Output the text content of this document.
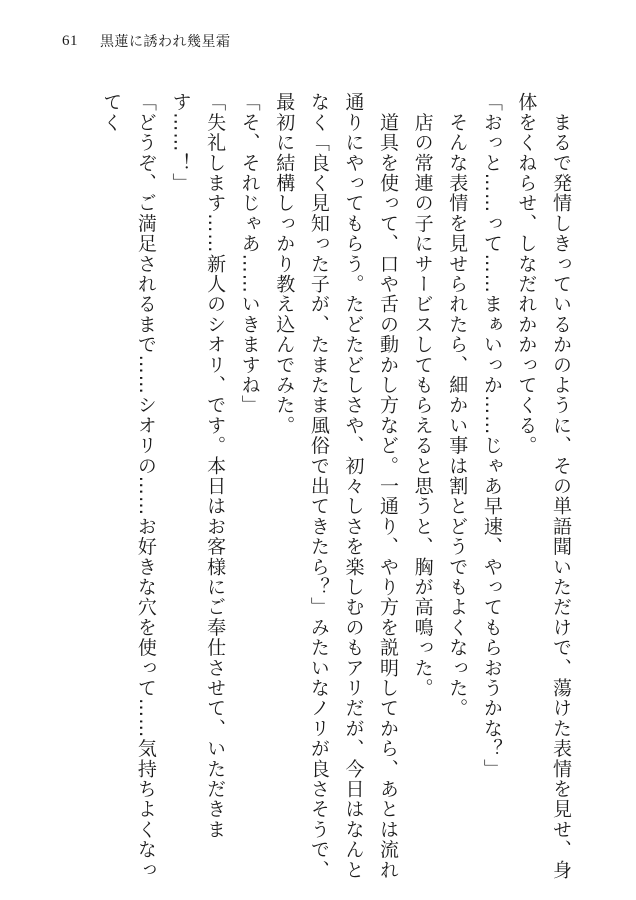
61 黒蓮に誘われ幾星霜

　まるで発情しきっているかのように、その単語聞いただけで、蕩けた表情を見せ、身体をくねらせ、しなだれかかってくる。

「おっと……って……まぁいっか……じゃあ早速、やってもらおうかな？」

　そんな表情を見せられたら、細かい事は割とどうでもよくなった。

　店の常連の子にサービスしてもらえると思うと、胸が高鳴った。

　道具を使って、口や舌の動かし方など。一通り、やり方を説明してから、あとは流れ通りにやってもらう。たどたどしさや、初々しさを楽しむのもアリだが、今日はなんとなく「良く見知った子が、たまたま風俗で出てきたら？」みたいなノリが良さそうで、最初に結構しっかり教え込んでみた。

「そ、それじゃあ……いきますね」

「失礼します……新人のシオリ、です。本日はお客様にご奉仕させて、いただきます……！」

「どうぞ、ご満足されるまで……シオリの……お好きな穴を使って……気持ちよくなってく
